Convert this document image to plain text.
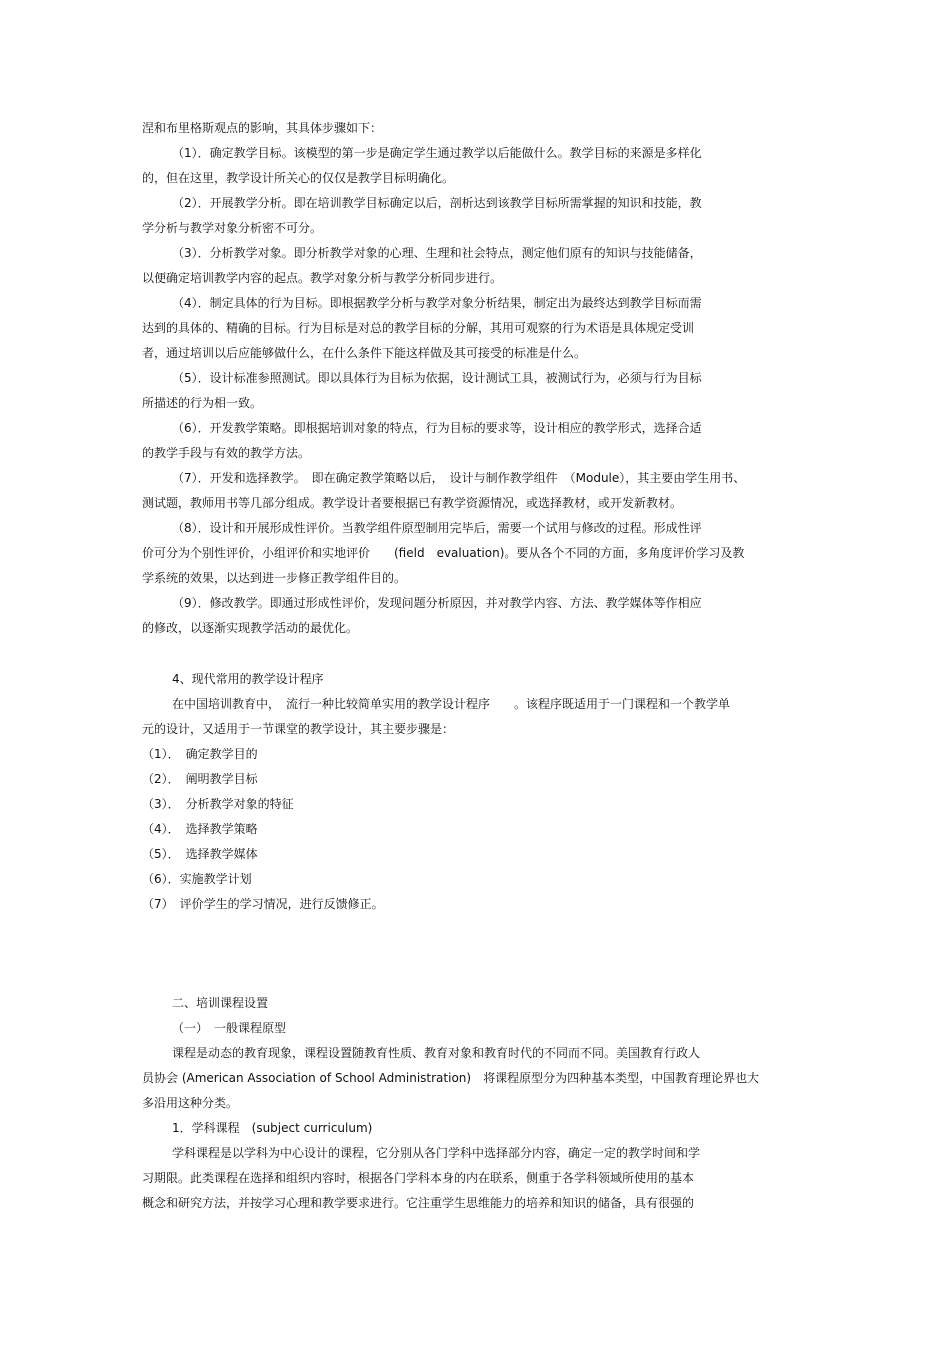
涅和布里格斯观点的影响，其具体步骤如下：

（1）．确定教学目标。该模型的第一步是确定学生通过教学以后能做什么。教学目标的来源是多样化

的，但在这里，教学设计所关心的仅仅是教学目标明确化。

（2）．开展教学分析。即在培训教学目标确定以后，剖析达到该教学目标所需掌握的知识和技能，教

学分析与教学对象分析密不可分。

（3）．分析教学对象。即分析教学对象的心理、生理和社会特点，测定他们原有的知识与技能储备，

以便确定培训教学内容的起点。教学对象分析与教学分析同步进行。

（4）．制定具体的行为目标。即根据教学分析与教学对象分析结果，制定出为最终达到教学目标而需

达到的具体的、精确的目标。行为目标是对总的教学目标的分解，其用可观察的行为术语是具体规定受训

者，通过培训以后应能够做什么，在什么条件下能这样做及其可接受的标准是什么。

（5）．设计标准参照测试。即以具体行为目标为依据，设计测试工具，被测试行为，必须与行为目标

所描述的行为相一致。

（6）．开发教学策略。即根据培训对象的特点，行为目标的要求等，设计相应的教学形式，选择合适

的教学手段与有效的教学方法。

（7）．开发和选择教学。　即在确定教学策略以后，　设计与制作教学组件　（Module），其主要由学生用书、

测试题，教师用书等几部分组成。教学设计者要根据已有教学资源情况，或选择教材，或开发新教材。

（8）．设计和开展形成性评价。当教学组件原型制用完毕后，需要一个试用与修改的过程。形成性评

价可分为个别性评价，小组评价和实地评价　　(field　evaluation)。要从各个不同的方面，多角度评价学习及教

学系统的效果，以达到进一步修正教学组件目的。

（9）．修改教学。即通过形成性评价，发现问题分析原因，并对教学内容、方法、教学媒体等作相应

的修改，以逐渐实现教学活动的最优化。

4、现代常用的教学设计程序

在中国培训教育中，　流行一种比较简单实用的教学设计程序　　。该程序既适用于一门课程和一个教学单

元的设计，又适用于一节课堂的教学设计，其主要步骤是：

（1）．　确定教学目的

（2）．　阐明教学目标

（3）．　分析教学对象的特征

（4）．　选择教学策略

（5）．　选择教学媒体

（6）．实施教学计划

（7）　评价学生的学习情况，进行反馈修正。

二、培训课程设置

（一）　一般课程原型

课程是动态的教育现象，课程设置随教育性质、教育对象和教育时代的不同而不同。美国教育行政人

员协会 (American Association of School Administration)　将课程原型分为四种基本类型，中国教育理论界也大

多沿用这种分类。

1．学科课程　(subject curriculum)

学科课程是以学科为中心设计的课程，它分别从各门学科中选择部分内容，确定一定的教学时间和学

习期限。此类课程在选择和组织内容时，根据各门学科本身的内在联系，侧重于各学科领域所使用的基本

概念和研究方法，并按学习心理和教学要求进行。它注重学生思维能力的培养和知识的储备，具有很强的
